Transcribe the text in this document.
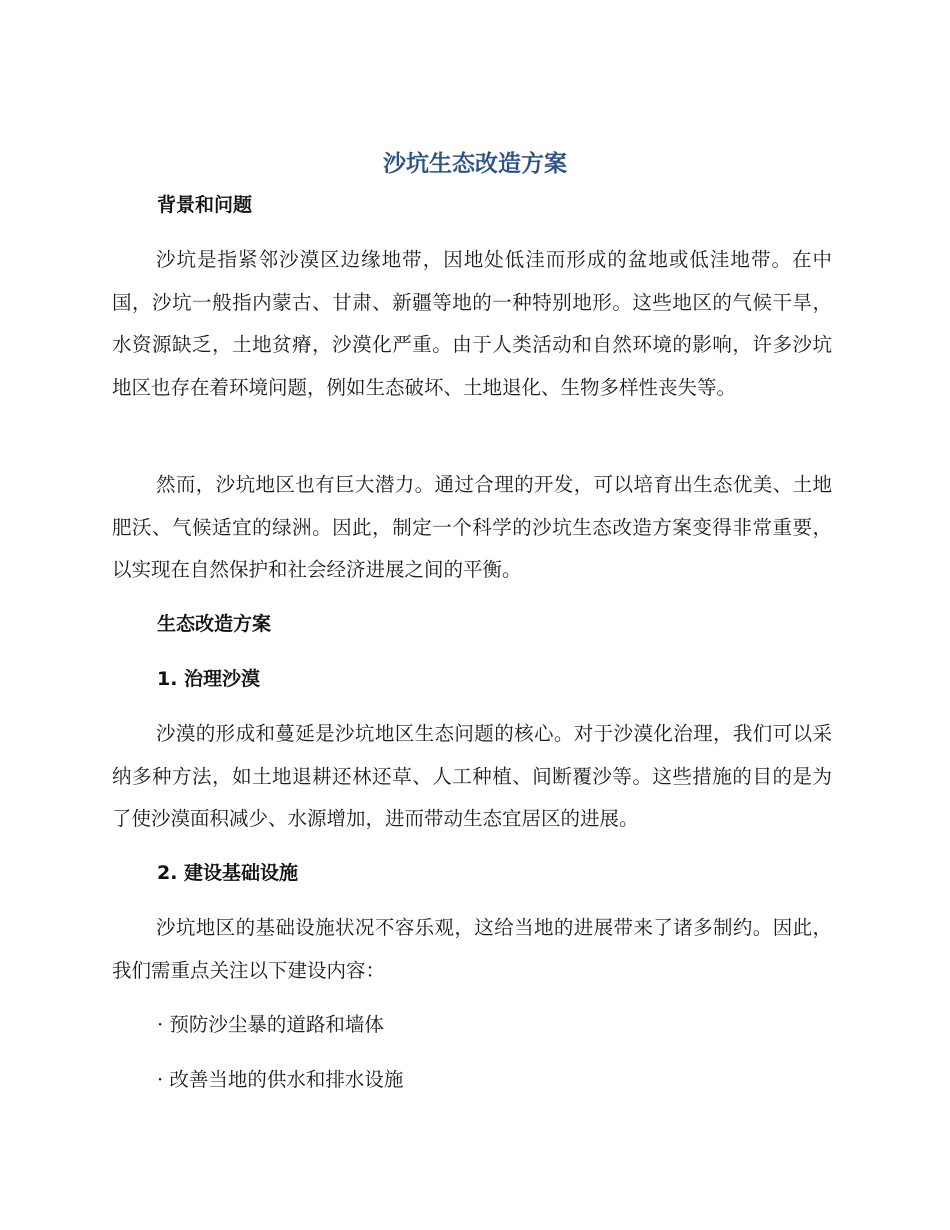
沙坑生态改造方案
背景和问题
沙坑是指紧邻沙漠区边缘地带，因地处低洼而形成的盆地或低洼地带。在中国，沙坑一般指内蒙古、甘肃、新疆等地的一种特别地形。这些地区的气候干旱，水资源缺乏，土地贫瘠，沙漠化严重。由于人类活动和自然环境的影响，许多沙坑地区也存在着环境问题，例如生态破坏、土地退化、生物多样性丧失等。
然而，沙坑地区也有巨大潜力。通过合理的开发，可以培育出生态优美、土地肥沃、气候适宜的绿洲。因此，制定一个科学的沙坑生态改造方案变得非常重要，以实现在自然保护和社会经济进展之间的平衡。
生态改造方案
1. 治理沙漠
沙漠的形成和蔓延是沙坑地区生态问题的核心。对于沙漠化治理，我们可以采纳多种方法，如土地退耕还林还草、人工种植、间断覆沙等。这些措施的目的是为了使沙漠面积减少、水源增加，进而带动生态宜居区的进展。
2. 建设基础设施
沙坑地区的基础设施状况不容乐观，这给当地的进展带来了诸多制约。因此，我们需重点关注以下建设内容：
· 预防沙尘暴的道路和墙体
· 改善当地的供水和排水设施
